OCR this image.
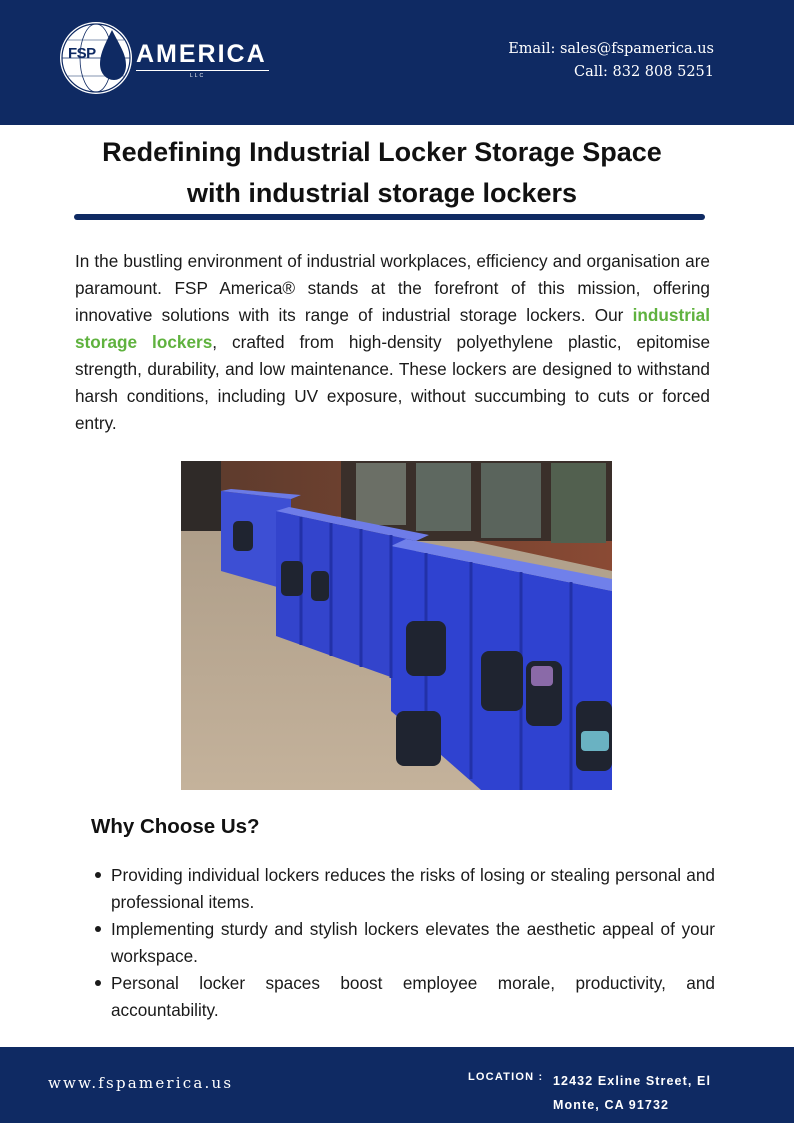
FSP AMERICA
LLC
Email: sales@fspamerica.us
Call: 832 808 5251
Redefining Industrial Locker Storage Space
with industrial storage lockers

In the bustling environment of industrial workplaces, efficiency and organisation are paramount. FSP America® stands at the forefront of this mission, offering innovative solutions with its range of industrial storage lockers. Our industrial storage lockers, crafted from high-density polyethylene plastic, epitomise strength, durability, and low maintenance. These lockers are designed to withstand harsh conditions, including UV exposure, without succumbing to cuts or forced entry.

Why Choose Us?
Providing individual lockers reduces the risks of losing or stealing personal and professional items.
Implementing sturdy and stylish lockers elevates the aesthetic appeal of your workspace.
Personal locker spaces boost employee morale, productivity, and accountability.
www.fspamerica.us	LOCATION : 12432 Exline Street, El Monte, CA 91732
